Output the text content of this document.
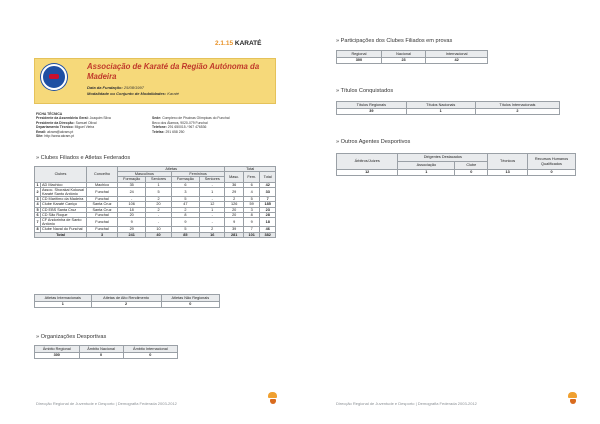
2.1.15 KARATÉ
Associação de Karaté da Região Autónoma da Madeira
Data da Fundação: 25/08/1997
Modalidade ou Conjunto de Modalidades: Karaté
FICHA TÉCNICA
Presidente da Assembleia Geral: Joaquim Silva
Presidente da Direcção: Samuel Olival
Departamento Técnico: Miguel Vieira
Email: akram@akram.pt
Site: http://www.akram.pt
Sede: Complexo de Piscinas Olímpicas do Funchal
Beco dos Álamos, 9020-079 Funchal
Telefone: 291 650015 / 967 476536
Telefax: 291 658 250
» Clubes Filiados e Atletas Federados
Clubes		Concelho	Atletas				Total		
			Masculinos		Femininos		Masc.	Fem.	Total
			Formação	Seniores	Formação	Seniores			
1	AD Machico	Machico	35	1	6	-	36	6	42
2	Assoc. Shorakai Kokusai Karaté Santo António	Funchal	24	5	3	1	29	4	33
3	CD Marítimo da Madeira	Funchal	-	2	5	-	2	5	7
4	Clube Karaté Caniço	Santa Cruz	106	20	47	12	126	59	185
5	CD EBS Santa Cruz	Santa Cruz	18	2	2	1	20	3	23
6	CD São Roque	Funchal	20	-	8	-	20	8	28
7	CF Andorinha de Santo António	Funchal	9	-	9	-	9	9	18
8	Clube Naval do Funchal	Funchal	29	10	5	2	39	7	46
Total		3	241	40	85	16	281	101	382
Atletas Internacionais	Atletas de Alto Rendimento	Atletas Não Regionais
1	2	0
» Organizações Desportivas
Âmbito Regional	Âmbito Nacional	Âmbito Internacional
300	0	0
Direcção Regional de Juventude e Desporto | Demografia Federada 2003-2012
» Participações dos Clubes Filiados em provas
Regional	Nacional	Internacional
300	23	42
» Títulos Conquistados
Títulos Regionais	Títulos Nacionais	Títulos Internacionais
39	1	2
» Outros Agentes Desportivos
Árbitros/Juízes	Dirigentes Destacados		Técnicos	Recursos Humanos Qualificados
	Associação	Clube		
12	1	0	13	0
Direcção Regional de Juventude e Desporto | Demografia Federada 2003-2012
